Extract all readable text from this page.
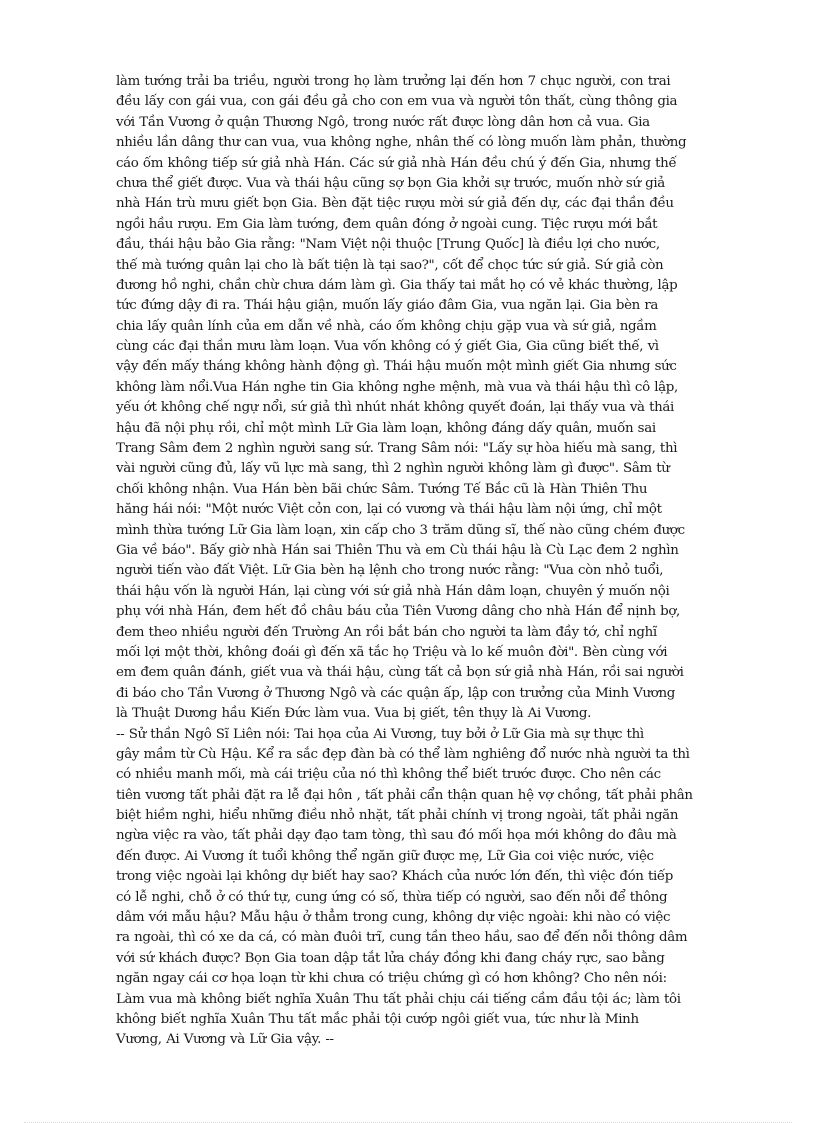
làm tướng trải ba triều, người trong họ làm trưởng lại đến hơn 7 chục người, con trai
đều lấy con gái vua, con gái đều gả cho con em vua và người tôn thất, cùng thông gia
với Tần Vương ở quận Thương Ngô, trong nước rất được lòng dân hơn cả vua. Gia
nhiều lần dâng thư can vua, vua không nghe, nhân thế có lòng muốn làm phản, thường
cáo ốm không tiếp sứ giả nhà Hán. Các sứ giả nhà Hán đều chú ý đến Gia, nhưng thế
chưa thể giết được. Vua và thái hậu cũng sợ bọn Gia khởi sự trước, muốn nhờ sứ giả
nhà Hán trù mưu giết bọn Gia. Bèn đặt tiệc rượu mời sứ giả đến dự, các đại thần đều
ngồi hầu rượu. Em Gia làm tướng, đem quân đóng ở ngoài cung. Tiệc rượu mới bắt
đầu, thái hậu bảo Gia rằng: "Nam Việt nội thuộc [Trung Quốc] là điều lợi cho nước,
thế mà tướng quân lại cho là bất tiện là tại sao?", cốt để chọc tức sứ giả. Sứ giả còn
đương hồ nghi, chần chừ chưa dám làm gì. Gia thấy tai mắt họ có vẻ khác thường, lập
tức đứng dậy đi ra. Thái hậu giận, muốn lấy giáo đâm Gia, vua ngăn lại. Gia bèn ra
chia lấy quân lính của em dẫn về nhà, cáo ốm không chịu gặp vua và sứ giả, ngầm
cùng các đại thần mưu làm loạn. Vua vốn không có ý giết Gia, Gia cũng biết thế, vì
vậy đến mấy tháng không hành động gì. Thái hậu muốn một mình giết Gia nhưng sức
không làm nổi.Vua Hán nghe tin Gia không nghe mệnh, mà vua và thái hậu thì cô lập,
yếu ớt không chế ngự nổi, sứ giả thì nhút nhát không quyết đoán, lại thấy vua và thái
hậu đã nội phụ rồi, chỉ một mình Lữ Gia làm loạn, không đáng dấy quân, muốn sai
Trang Sâm đem 2 nghìn người sang sứ. Trang Sâm nói: "Lấy sự hòa hiếu mà sang, thì
vài người cũng đủ, lấy vũ lực mà sang, thì 2 nghìn người không làm gì được". Sâm từ
chối không nhận. Vua Hán bèn bãi chức Sâm. Tướng Tế Bắc cũ là Hàn Thiên Thu
hăng hái nói: "Một nước Việt cỏn con, lại có vương và thái hậu làm nội ứng, chỉ một
mình thừa tướng Lữ Gia làm loạn, xin cấp cho 3 trăm dũng sĩ, thế nào cũng chém được
Gia về báo". Bấy giờ nhà Hán sai Thiên Thu và em Cù thái hậu là Cù Lạc đem 2 nghìn
người tiến vào đất Việt. Lữ Gia bèn hạ lệnh cho trong nước rằng: "Vua còn nhỏ tuổi,
thái hậu vốn là người Hán, lại cùng với sứ giả nhà Hán dâm loạn, chuyên ý muốn nội
phụ với nhà Hán, đem hết đồ châu báu của Tiên Vương dâng cho nhà Hán để nịnh bợ,
đem theo nhiều người đến Trường An rồi bắt bán cho người ta làm đầy tớ, chỉ nghĩ
mối lợi một thời, không đoái gì đến xã tắc họ Triệu và lo kế muôn đời". Bèn cùng với
em đem quân đánh, giết vua và thái hậu, cùng tất cả bọn sứ giả nhà Hán, rồi sai người
đi báo cho Tần Vương ở Thương Ngô và các quận ấp, lập con trưởng của Minh Vương
là Thuật Dương hầu Kiến Đức làm vua. Vua bị giết, tên thụy là Ai Vương.
-- Sử thần Ngô Sĩ Liên nói: Tai họa của Ai Vương, tuy bởi ở Lữ Gia mà sự thực thì
gây mầm từ Cù Hậu. Kể ra sắc đẹp đàn bà có thể làm nghiêng đổ nước nhà người ta thì
có nhiều manh mối, mà cái triệu của nó thì không thể biết trước được. Cho nên các
tiên vương tất phải đặt ra lễ đại hôn , tất phải cẩn thận quan hệ vợ chồng, tất phải phân
biệt hiềm nghi, hiểu những điều nhỏ nhặt, tất phải chính vị trong ngoài, tất phải ngăn
ngừa việc ra vào, tất phải dạy đạo tam tòng, thì sau đó mối họa mới không do đâu mà
đến được. Ai Vương ít tuổi không thể ngăn giữ được mẹ, Lữ Gia coi việc nước, việc
trong việc ngoài lại không dự biết hay sao? Khách của nước lớn đến, thì việc đón tiếp
có lễ nghi, chỗ ở có thứ tự, cung ứng có số, thừa tiếp có người, sao đến nỗi để thông
dâm với mẫu hậu? Mẫu hậu ở thẳm trong cung, không dự việc ngoài: khi nào có việc
ra ngoài, thì có xe da cá, có màn đuôi trĩ, cung tần theo hầu, sao để đến nỗi thông dâm
với sứ khách được? Bọn Gia toan dập tắt lửa cháy đồng khi đang cháy rực, sao bằng
ngăn ngay cái cơ họa loạn từ khi chưa có triệu chứng gì có hơn không? Cho nên nói:
Làm vua mà không biết nghĩa Xuân Thu tất phải chịu cái tiếng cầm đầu tội ác; làm tôi
không biết nghĩa Xuân Thu tất mắc phải tội cướp ngôi giết vua, tức như là Minh
Vương, Ai Vương và Lữ Gia vậy. --
